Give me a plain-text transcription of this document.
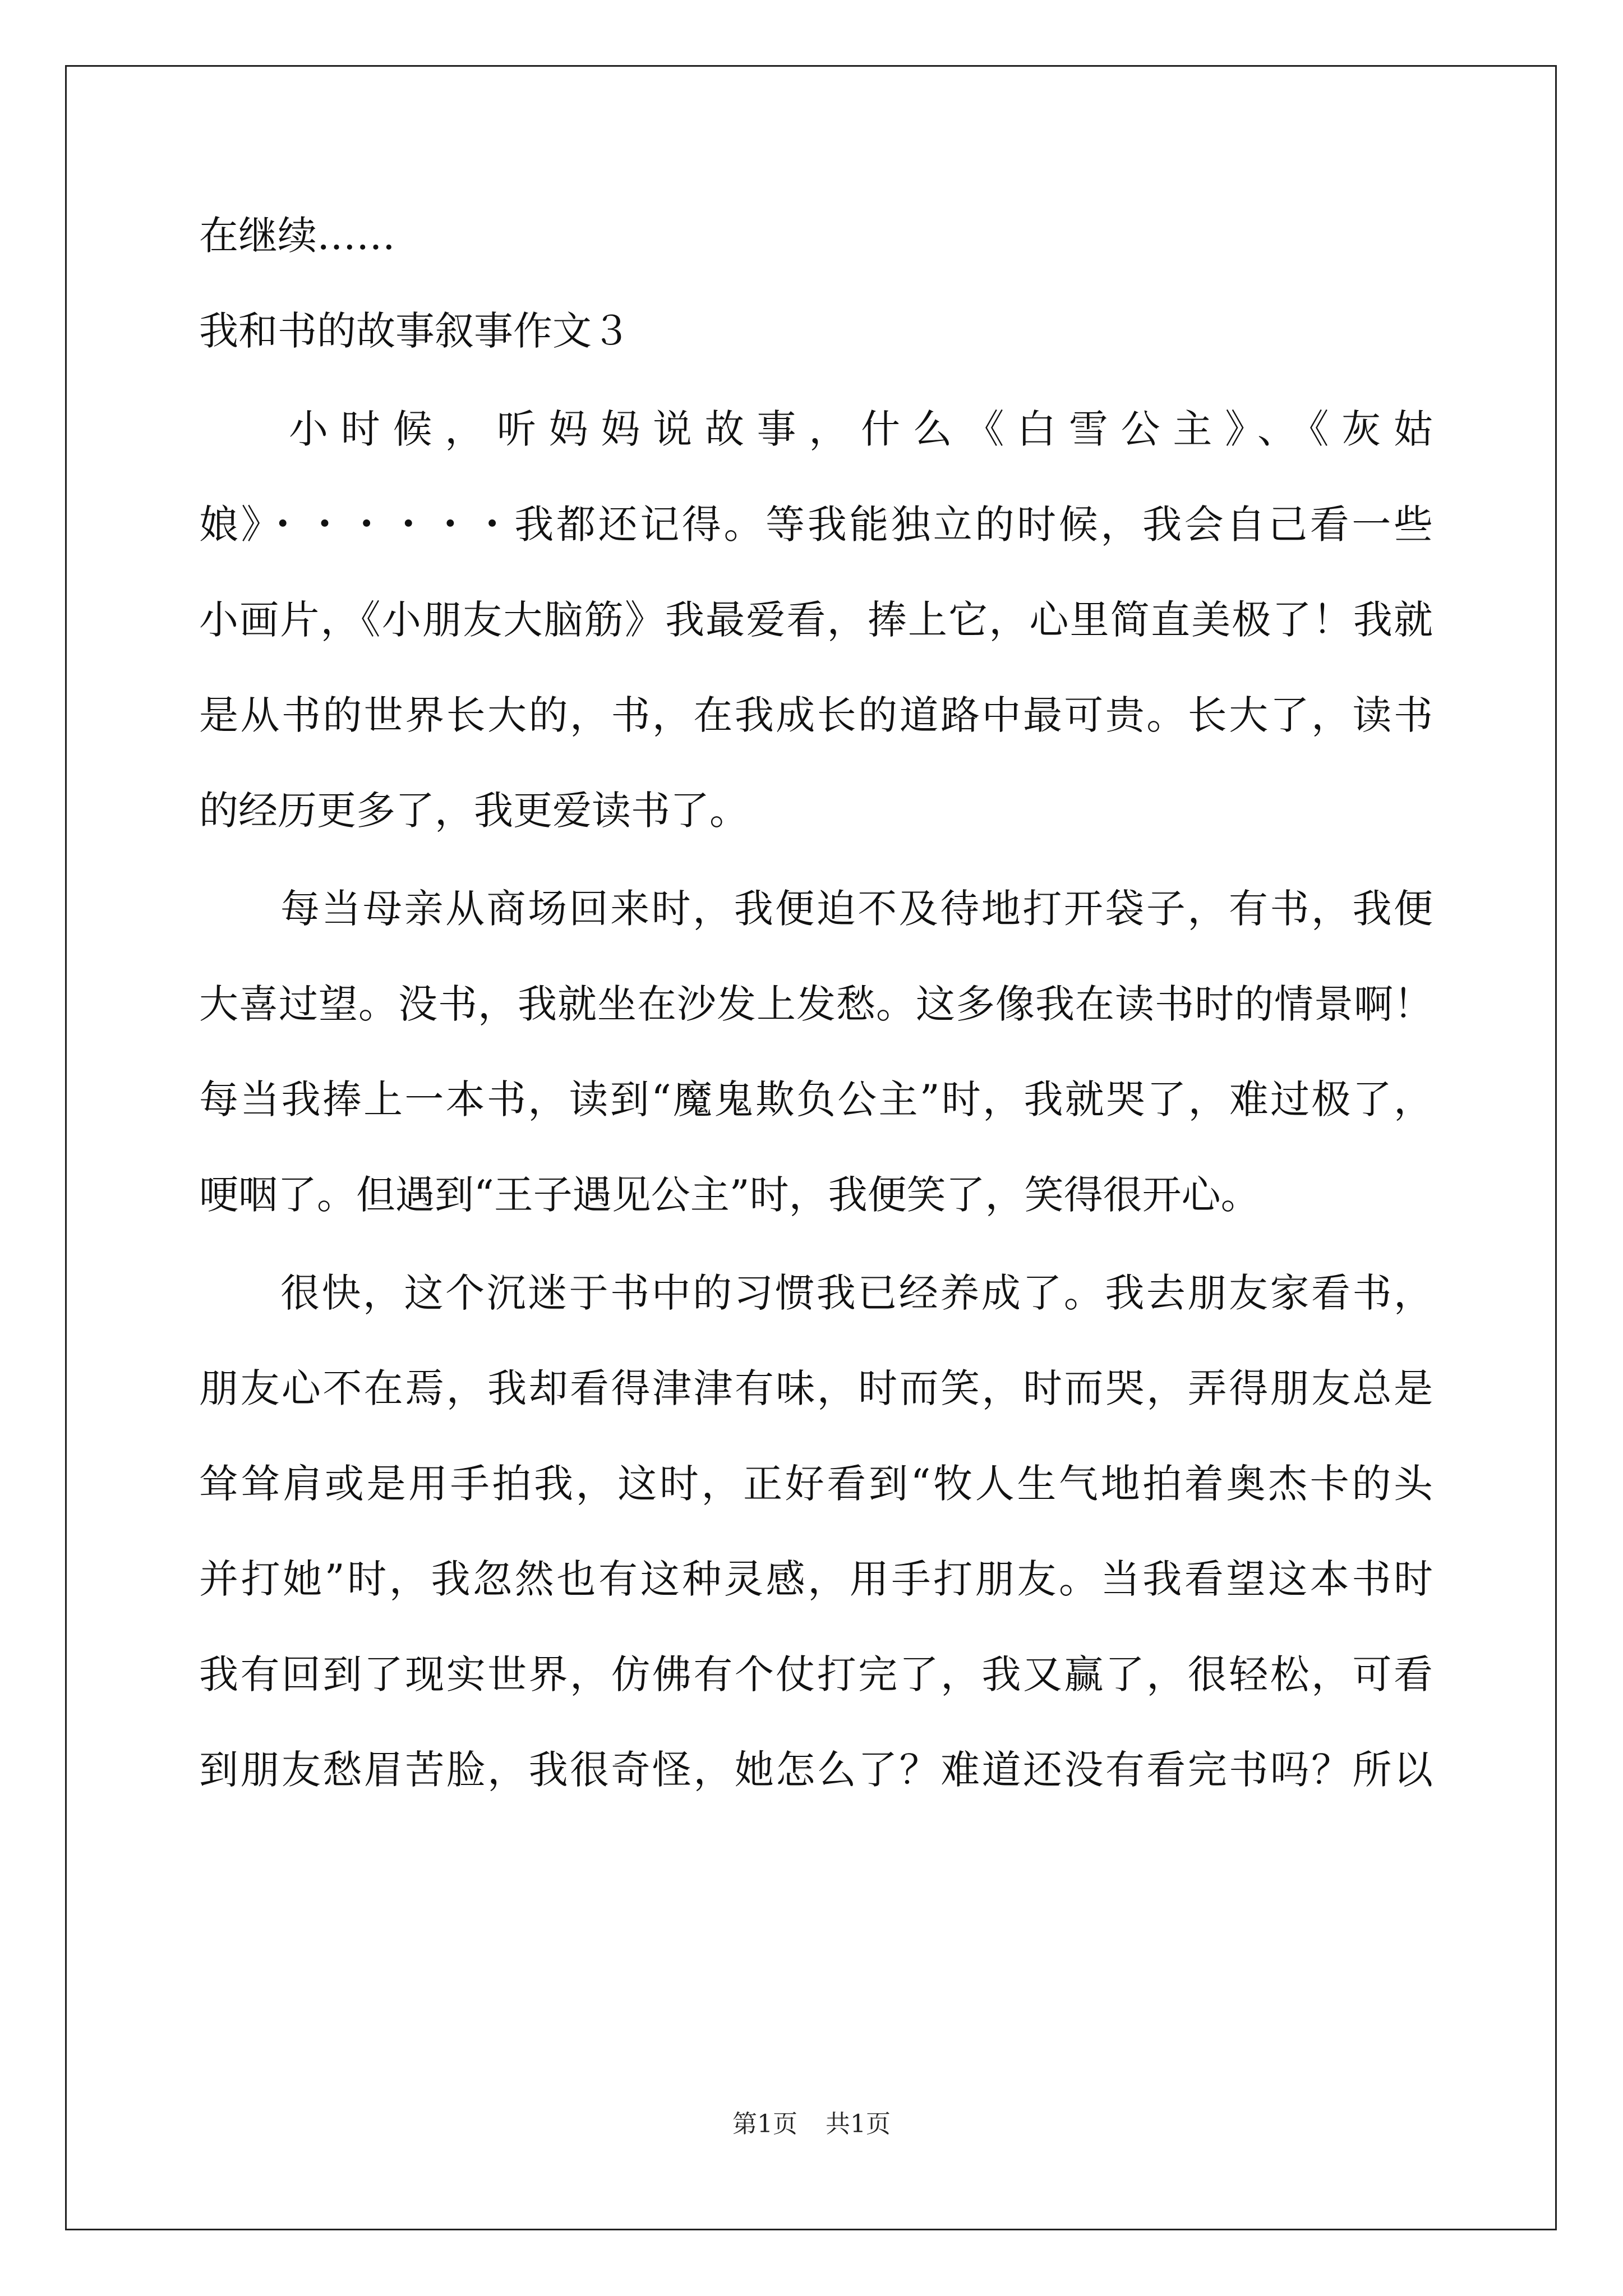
在继续……
我和书的故事叙事作文３
小时候，听妈妈说故事，什么《白雪公主》、《灰姑
娘》・・・・・・我都还记得。等我能独立的时候，我会自己看一些
小画片，《小朋友大脑筋》我最爱看，捧上它，心里简直美极了！我就
是从书的世界长大的，书，在我成长的道路中最可贵。长大了，读书
的经历更多了，我更爱读书了。
每当母亲从商场回来时，我便迫不及待地打开袋子，有书，我便
大喜过望。没书，我就坐在沙发上发愁。这多像我在读书时的情景啊！
每当我捧上一本书，读到“魔鬼欺负公主”时，我就哭了，难过极了，
哽咽了。但遇到“王子遇见公主”时，我便笑了，笑得很开心。
很快，这个沉迷于书中的习惯我已经养成了。我去朋友家看书，
朋友心不在焉，我却看得津津有味，时而笑，时而哭，弄得朋友总是
耸耸肩或是用手拍我，这时，正好看到“牧人生气地拍着奥杰卡的头
并打她”时，我忽然也有这种灵感，用手打朋友。当我看望这本书时
我有回到了现实世界，仿佛有个仗打完了，我又赢了，很轻松，可看
到朋友愁眉苦脸，我很奇怪，她怎么了？难道还没有看完书吗？所以
第1页 共1页
